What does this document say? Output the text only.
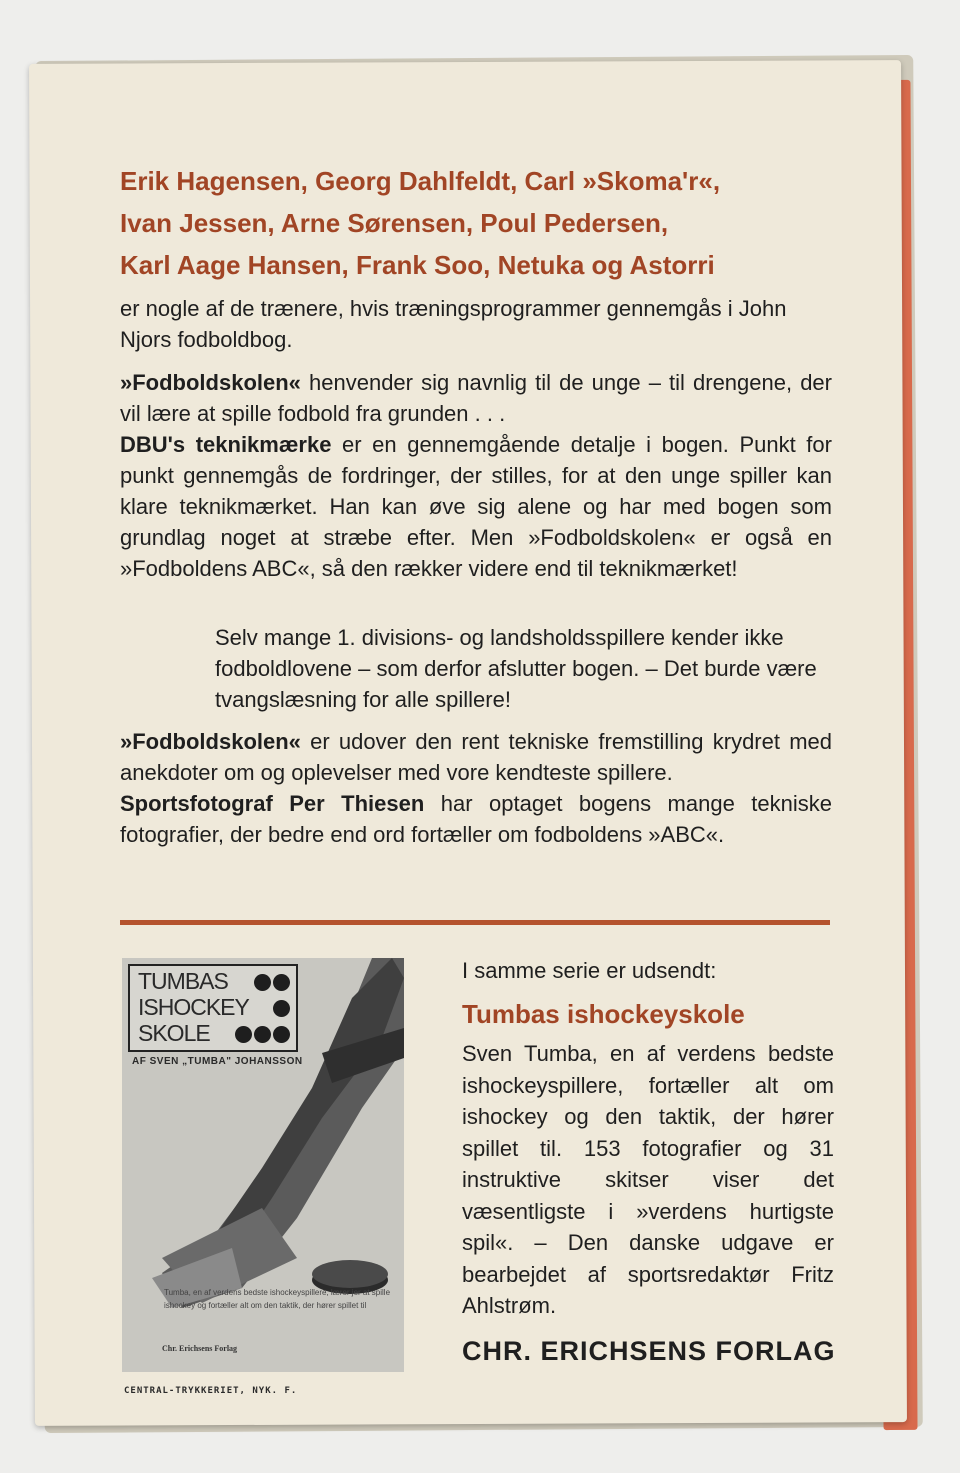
Erik Hagensen, Georg Dahlfeldt, Carl »Skoma'r«,
Ivan Jessen, Arne Sørensen, Poul Pedersen,
Karl Aage Hansen, Frank Soo, Netuka og Astorri
er nogle af de trænere, hvis træningsprogrammer gennemgås i John Njors fodboldbog.
»Fodboldskolen« henvender sig navnlig til de unge – til drengene, der vil lære at spille fodbold fra grunden . . .
DBU's teknikmærke er en gennemgående detalje i bogen. Punkt for punkt gennemgås de fordringer, der stilles, for at den unge spiller kan klare teknikmærket. Han kan øve sig alene og har med bogen som grundlag noget at stræbe efter. Men »Fodboldskolen« er også en »Fodboldens ABC«, så den rækker videre end til teknikmærket!
Selv mange 1. divisions- og landsholdsspillere kender ikke fodboldlovene – som derfor afslutter bogen. – Det burde være tvangslæsning for alle spillere!
»Fodboldskolen« er udover den rent tekniske fremstilling krydret med anekdoter om og oplevelser med vore kendteste spillere.
Sportsfotograf Per Thiesen har optaget bogens mange tekniske fotografier, der bedre end ord fortæller om fodboldens »ABC«.
TUMBAS
ISHOCKEY
SKOLE
AF SVEN „TUMBA" JOHANSSON
Tumba, en af verdens bedste ishockeyspillere, lærer jer at spille ishockey og fortæller alt om den taktik, der hører spillet til
Chr. Erichsens Forlag
CENTRAL-TRYKKERIET, NYK. F.
I samme serie er udsendt:
Tumbas ishockeyskole
Sven Tumba, en af verdens bedste ishockeyspillere, fortæller alt om ishockey og den taktik, der hører spillet til. 153 fotografier og 31 instruktive skitser viser det væsentligste i »verdens hurtigste spil«. – Den danske udgave er bearbejdet af sportsredaktør Fritz Ahlstrøm.
CHR. ERICHSENS FORLAG
